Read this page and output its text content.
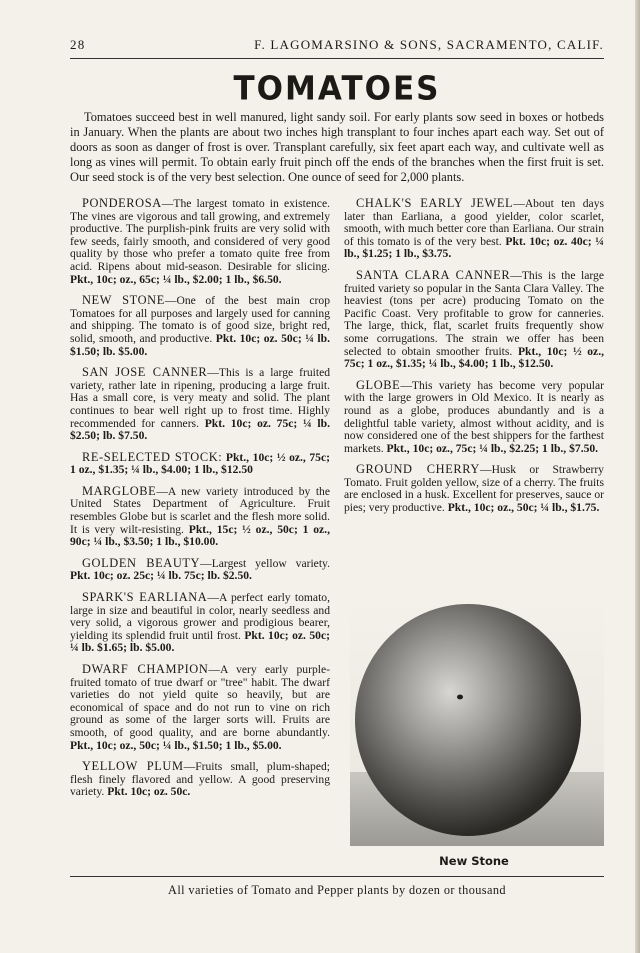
28	F. LAGOMARSINO & SONS, SACRAMENTO, CALIF.
TOMATOES

Tomatoes succeed best in well manured, light sandy soil. For early plants sow seed in boxes or hotbeds in January. When the plants are about two inches high transplant to four inches apart each way. Set out of doors as soon as danger of frost is over. Transplant carefully, six feet apart each way, and cultivate well as long as vines will permit. To obtain early fruit pinch off the ends of the branches when the first fruit is set. Our seed stock is of the very best selection. One ounce of seed for 2,000 plants.

PONDEROSA—The largest tomato in existence. The vines are vigorous and tall growing, and extremely productive. The purplish-pink fruits are very solid with few seeds, fairly smooth, and considered of very good quality by those who prefer a tomato quite free from acid. Ripens about mid-season. Desirable for slicing. Pkt., 10c; oz., 65c; ¼ lb., $2.00; 1 lb., $6.50.

NEW STONE—One of the best main crop Tomatoes for all purposes and largely used for canning and shipping. The tomato is of good size, bright red, solid, smooth, and productive. Pkt. 10c; oz. 50c; ¼ lb. $1.50; lb. $5.00.

SAN JOSE CANNER—This is a large fruited variety, rather late in ripening, producing a large fruit. Has a small core, is very meaty and solid. The plant continues to bear well right up to frost time. Highly recommended for canners. Pkt. 10c; oz. 75c; ¼ lb. $2.50; lb. $7.50.

RE-SELECTED STOCK: Pkt., 10c; ½ oz., 75c; 1 oz., $1.35; ¼ lb., $4.00; 1 lb., $12.50

MARGLOBE—A new variety introduced by the United States Department of Agriculture. Fruit resembles Globe but is scarlet and the flesh more solid. It is very wilt-resisting. Pkt., 15c; ½ oz., 50c; 1 oz., 90c; ¼ lb., $3.50; 1 lb., $10.00.

GOLDEN BEAUTY—Largest yellow variety. Pkt. 10c; oz. 25c; ¼ lb. 75c; lb. $2.50.

SPARK'S EARLIANA—A perfect early tomato, large in size and beautiful in color, nearly seedless and very solid, a vigorous grower and prodigious bearer, yielding its splendid fruit until frost. Pkt. 10c; oz. 50c; ¼ lb. $1.65; lb. $5.00.

DWARF CHAMPION—A very early purple-fruited tomato of true dwarf or "tree" habit. The dwarf varieties do not yield quite so heavily, but are economical of space and do not run to vine on rich ground as some of the larger sorts will. Fruits are smooth, of good quality, and are borne abundantly. Pkt., 10c; oz., 50c; ¼ lb., $1.50; 1 lb., $5.00.

YELLOW PLUM—Fruits small, plum-shaped; flesh finely flavored and yellow. A good preserving variety. Pkt. 10c; oz. 50c.

CHALK'S EARLY JEWEL—About ten days later than Earliana, a good yielder, color scarlet, smooth, with much better core than Earliana. Our strain of this tomato is of the very best. Pkt. 10c; oz. 40c; ¼ lb., $1.25; 1 lb., $3.75.

SANTA CLARA CANNER—This is the large fruited variety so popular in the Santa Clara Valley. The heaviest (tons per acre) producing Tomato on the Pacific Coast. Very profitable to grow for canneries. The large, thick, flat, scarlet fruits frequently show some corrugations. The strain we offer has been selected to obtain smoother fruits. Pkt., 10c; ½ oz., 75c; 1 oz., $1.35; ¼ lb., $4.00; 1 lb., $12.50.

GLOBE—This variety has become very popular with the large growers in Old Mexico. It is nearly as round as a globe, produces abundantly and is a delightful table variety, almost without acidity, and is now considered one of the best shippers for the farthest markets. Pkt., 10c; oz., 75c; ¼ lb., $2.25; 1 lb., $7.50.

GROUND CHERRY—Husk or Strawberry Tomato. Fruit golden yellow, size of a cherry. The fruits are enclosed in a husk. Excellent for preserves, sauce or pies; very productive. Pkt., 10c; oz., 50c; ¼ lb., $1.75.

New Stone
All varieties of Tomato and Pepper plants by dozen or thousand
